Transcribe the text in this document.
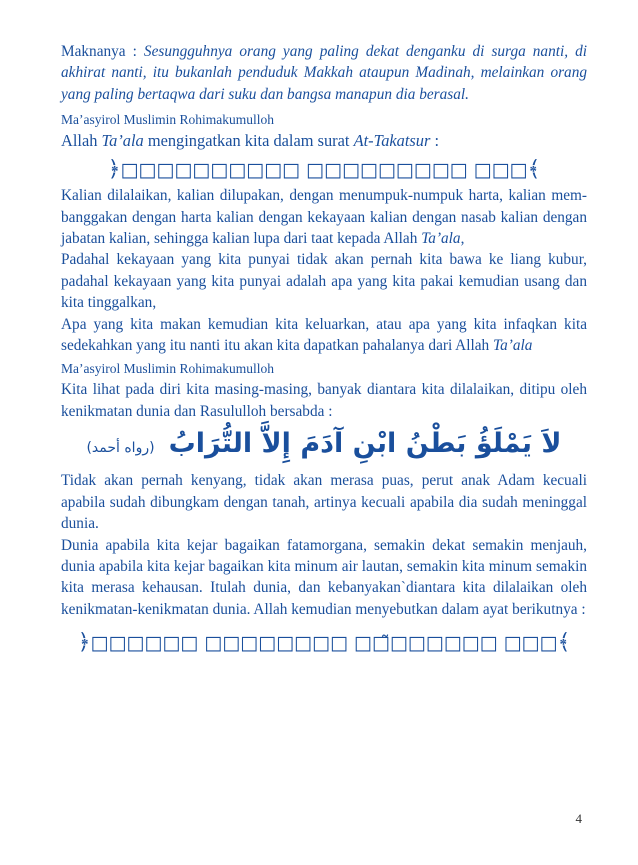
Maknanya : Sesungguhnya orang yang paling dekat denganku di surga nanti, di akhirat nanti, itu bukanlah penduduk Makkah ataupun Madinah, melainkan orang yang paling bertaqwa dari suku dan bangsa manapun dia berasal.

Ma’asyirol Muslimin Rohimakumulloh

Allah Ta’ala mengingatkan kita dalam surat At-Takatsur :

﴿□□□□□□□□□□ □□□□□□□□□ □□□﴾

Kalian dilalaikan, kalian dilupakan, dengan menumpuk-numpuk harta, kalian mem-banggakan dengan harta kalian dengan kekayaan kalian dengan nasab kalian dengan jabatan kalian, sehingga kalian lupa dari taat kepada Allah Ta’ala,

Padahal kekayaan yang kita punyai tidak akan pernah kita bawa ke liang kubur, padahal kekayaan yang kita punyai adalah apa yang kita pakai kemudian usang dan kita tinggalkan,

Apa yang kita makan kemudian kita keluarkan, atau apa yang kita infaqkan kita sedekahkan yang itu nanti itu akan kita dapatkan pahalanya dari Allah Ta’ala

Ma’asyirol Muslimin Rohimakumulloh

Kita lihat pada diri kita masing-masing, banyak diantara kita dilalaikan, ditipu oleh kenikmatan dunia dan Rasululloh bersabda :

لاَ يَمْلَؤُ بَطْنُ ابْنِ آدَمَ إِلاَّ التُّرَابُ(رواه أحمد)

Tidak akan pernah kenyang, tidak akan merasa puas, perut anak Adam kecuali apabila sudah dibungkam dengan tanah, artinya kecuali apabila dia sudah meninggal dunia.

Dunia apabila kita kejar bagaikan fatamorgana, semakin dekat semakin menjauh, dunia apabila kita kejar bagaikan kita minum air lautan, semakin kita minum semakin kita merasa kehausan. Itulah dunia, dan kebanyakan`diantara kita dilalaikan oleh kenikmatan-kenikmatan dunia. Allah kemudian menyebutkan dalam ayat berikutnya :

﴿□□□□□□ □□□□□□□□ □□□̃□□□□□ □□□﴾

4
